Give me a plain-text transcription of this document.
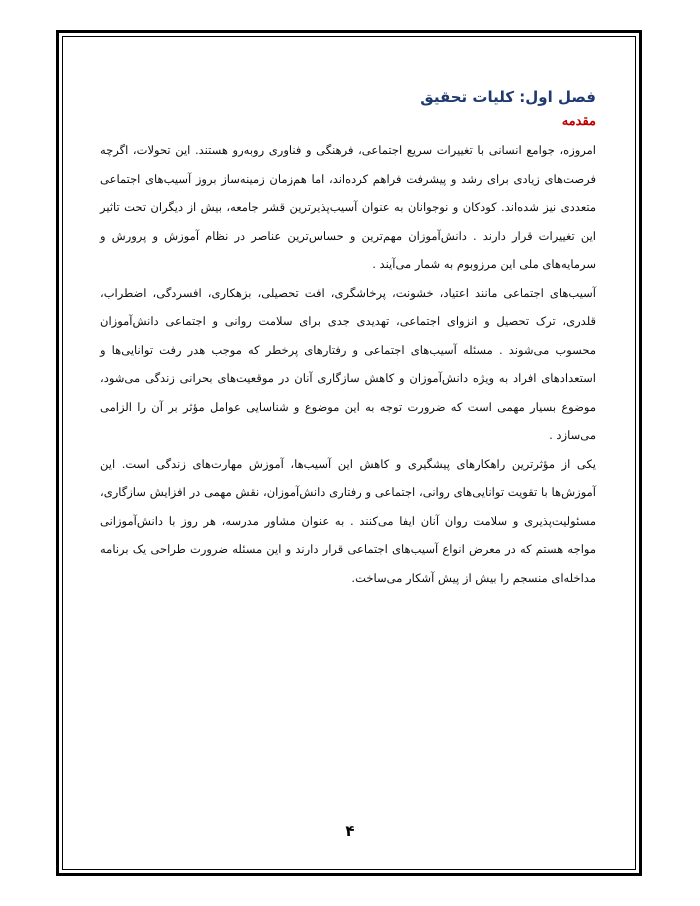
فصل اول: کلیات تحقیق
مقدمه

امروزه، جوامع انسانی با تغییرات سریع اجتماعی، فرهنگی و فناوری روبه‌رو هستند. این تحولات، اگرچه فرصت‌های زیادی برای رشد و پیشرفت فراهم کرده‌اند، اما هم‌زمان زمینه‌ساز بروز آسیب‌های اجتماعی متعددی نیز شده‌اند. کودکان و نوجوانان به عنوان آسیب‌پذیرترین قشر جامعه، بیش از دیگران تحت تاثیر این تغییرات قرار دارند . دانش‌آموزان مهم‌ترین و حساس‌ترین عناصر در نظام آموزش و پرورش و سرمایه‌های ملی این مرزوبوم به شمار می‌آیند .

آسیب‌های اجتماعی مانند اعتیاد، خشونت، پرخاشگری، افت تحصیلی، بزهکاری، افسردگی، اضطراب، قلدری، ترک تحصیل و انزوای اجتماعی، تهدیدی جدی برای سلامت روانی و اجتماعی دانش‌آموزان محسوب می‌شوند . مسئله آسیب‌های اجتماعی و رفتارهای پرخطر که موجب هدر رفت توانایی‌ها و استعدادهای افراد به ویژه دانش‌آموزان و کاهش سازگاری آنان در موقعیت‌های بحرانی زندگی می‌شود، موضوع بسیار مهمی است که ضرورت توجه به این موضوع و شناسایی عوامل مؤثر بر آن را الزامی می‌سازد .

یکی از مؤثرترین راهکارهای پیشگیری و کاهش این آسیب‌ها، آموزش مهارت‌های زندگی است. این آموزش‌ها با تقویت توانایی‌های روانی، اجتماعی و رفتاری دانش‌آموزان، نقش مهمی در افزایش سازگاری، مسئولیت‌پذیری و سلامت روان آنان ایفا می‌کنند . به عنوان مشاور مدرسه، هر روز با دانش‌آموزانی مواجه هستم که در معرض انواع آسیب‌های اجتماعی قرار دارند و این مسئله ضرورت طراحی یک برنامه مداخله‌ای منسجم را بیش از پیش آشکار می‌ساخت.

۴
